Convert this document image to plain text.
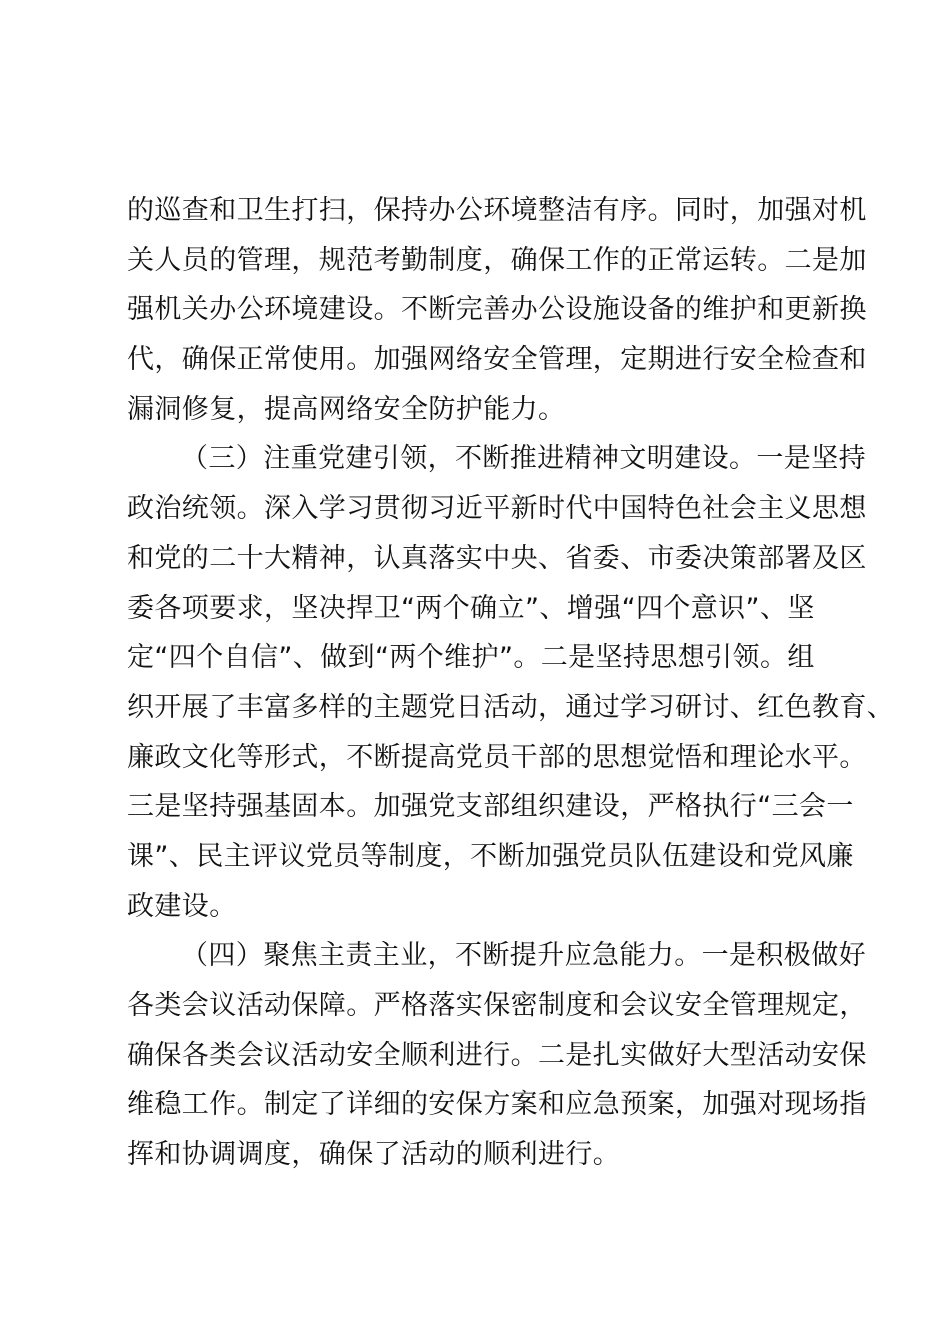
的巡查和卫生打扫，保持办公环境整洁有序。同时，加强对机
关人员的管理，规范考勤制度，确保工作的正常运转。二是加
强机关办公环境建设。不断完善办公设施设备的维护和更新换
代，确保正常使用。加强网络安全管理，定期进行安全检查和
漏洞修复，提高网络安全防护能力。
（三）注重党建引领，不断推进精神文明建设。一是坚持
政治统领。深入学习贯彻习近平新时代中国特色社会主义思想
和党的二十大精神，认真落实中央、省委、市委决策部署及区
委各项要求，坚决捍卫“两个确立”、增强“四个意识”、坚
定“四个自信”、做到“两个维护”。二是坚持思想引领。组
织开展了丰富多样的主题党日活动，通过学习研讨、红色教育、
廉政文化等形式，不断提高党员干部的思想觉悟和理论水平。
三是坚持强基固本。加强党支部组织建设，严格执行“三会一
课”、民主评议党员等制度，不断加强党员队伍建设和党风廉
政建设。
（四）聚焦主责主业，不断提升应急能力。一是积极做好
各类会议活动保障。严格落实保密制度和会议安全管理规定，
确保各类会议活动安全顺利进行。二是扎实做好大型活动安保
维稳工作。制定了详细的安保方案和应急预案，加强对现场指
挥和协调调度，确保了活动的顺利进行。
